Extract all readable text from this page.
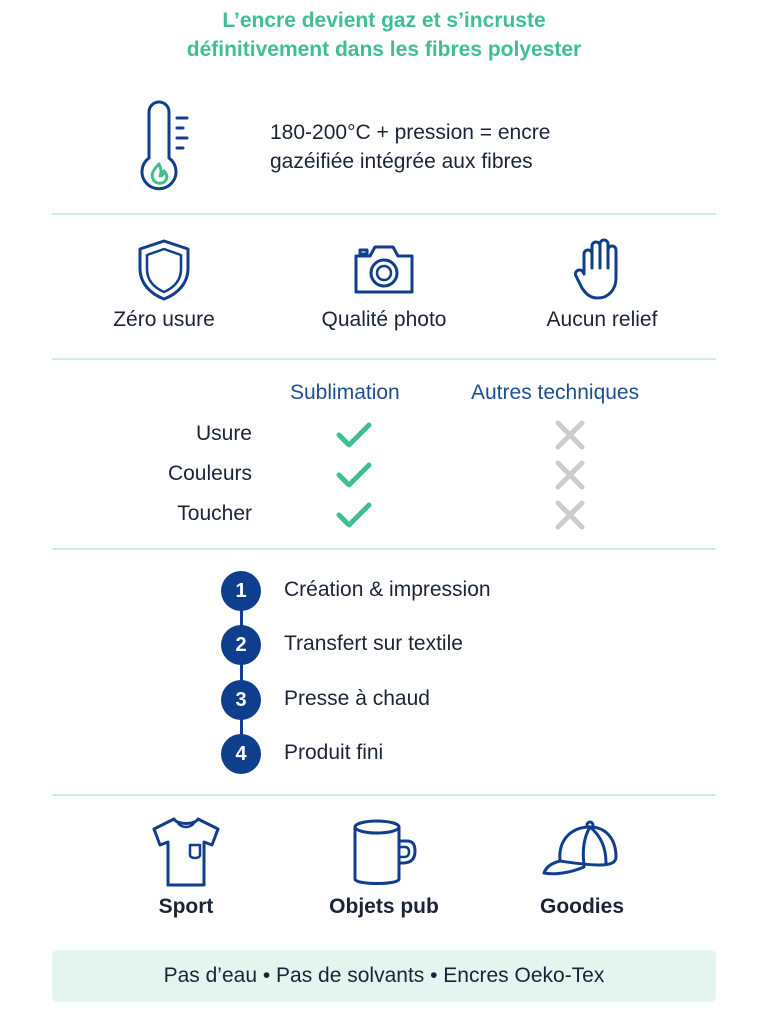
L’encre devient gaz et s’incruste
définitivement dans les fibres polyester
180-200°C + pression = encre
gazéifiée intégrée aux fibres
Zéro usure	Qualité photo	Aucun relief
Sublimation	Autres techniques
Usure
Couleurs
Toucher
1	Création & impression
2	Transfert sur textile
3	Presse à chaud
4	Produit fini
Sport	Objets pub	Goodies
Pas d’eau • Pas de solvants • Encres Oeko-Tex
